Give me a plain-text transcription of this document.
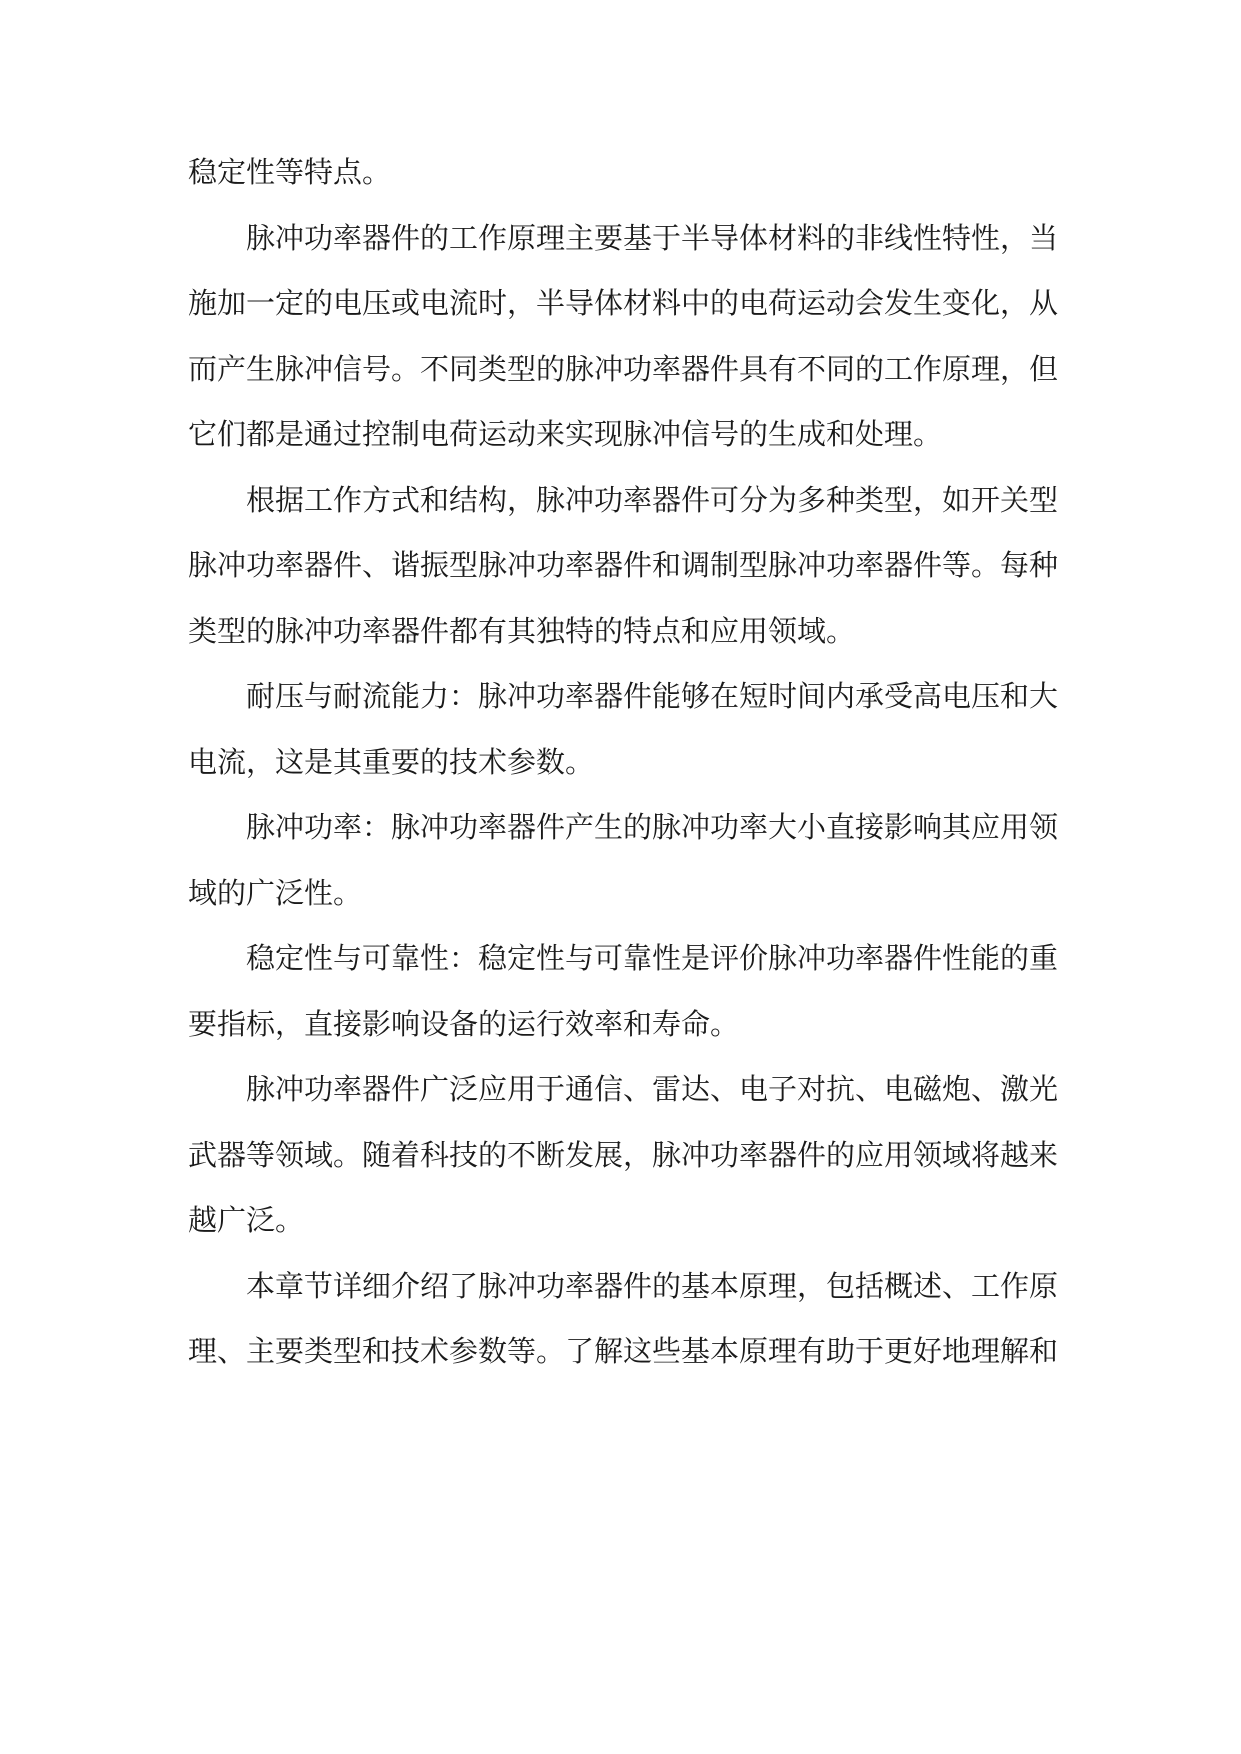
稳定性等特点。
脉冲功率器件的工作原理主要基于半导体材料的非线性特性，当
施加一定的电压或电流时，半导体材料中的电荷运动会发生变化，从
而产生脉冲信号。不同类型的脉冲功率器件具有不同的工作原理，但
它们都是通过控制电荷运动来实现脉冲信号的生成和处理。
根据工作方式和结构，脉冲功率器件可分为多种类型，如开关型
脉冲功率器件、谐振型脉冲功率器件和调制型脉冲功率器件等。每种
类型的脉冲功率器件都有其独特的特点和应用领域。
耐压与耐流能力：脉冲功率器件能够在短时间内承受高电压和大
电流，这是其重要的技术参数。
脉冲功率：脉冲功率器件产生的脉冲功率大小直接影响其应用领
域的广泛性。
稳定性与可靠性：稳定性与可靠性是评价脉冲功率器件性能的重
要指标，直接影响设备的运行效率和寿命。
脉冲功率器件广泛应用于通信、雷达、电子对抗、电磁炮、激光
武器等领域。随着科技的不断发展，脉冲功率器件的应用领域将越来
越广泛。
本章节详细介绍了脉冲功率器件的基本原理，包括概述、工作原
理、主要类型和技术参数等。了解这些基本原理有助于更好地理解和
